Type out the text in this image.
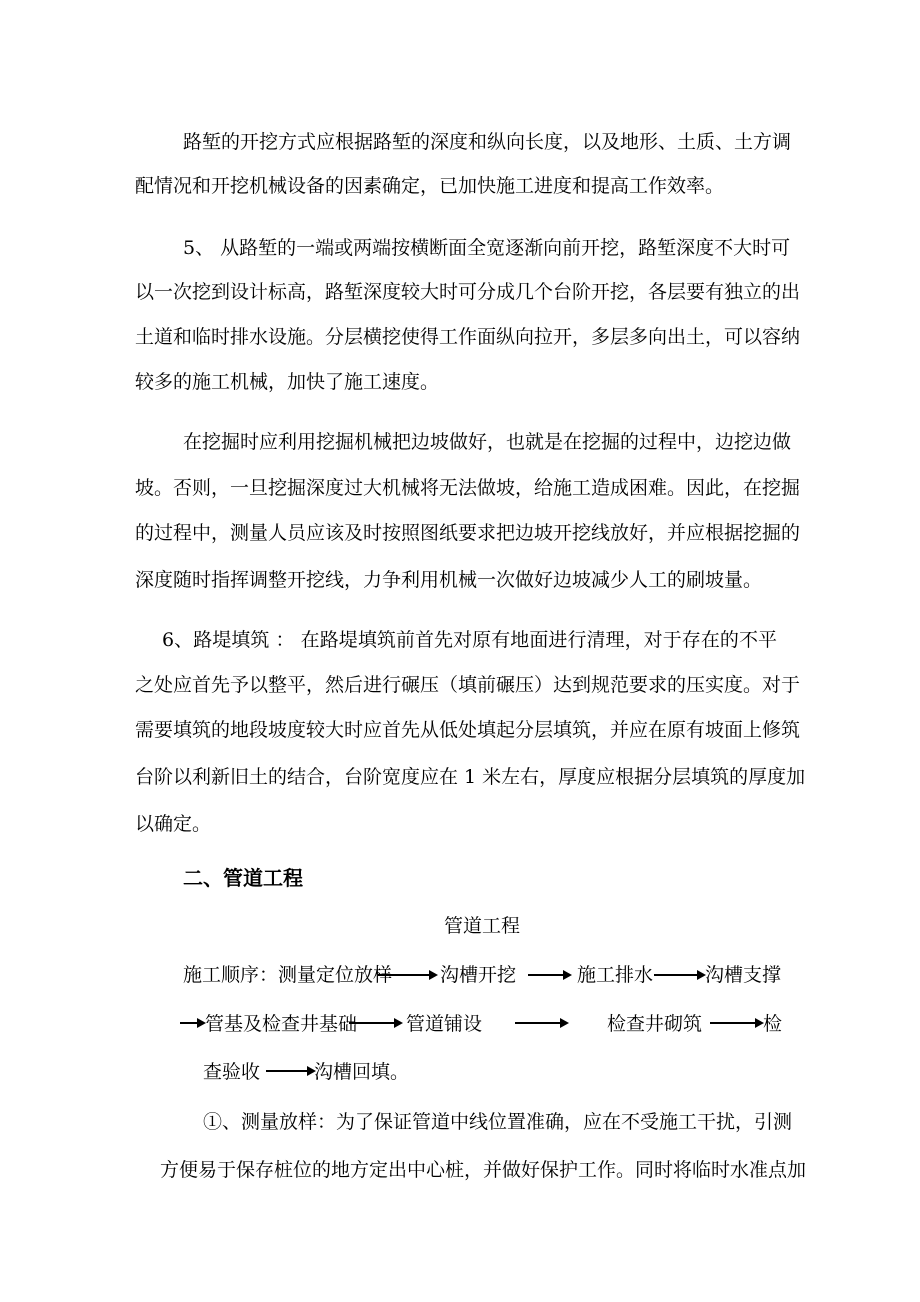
路堑的开挖方式应根据路堑的深度和纵向长度，以及地形、土质、土方调
配情况和开挖机械设备的因素确定，已加快施工进度和提高工作效率。
5、 从路堑的一端或两端按横断面全宽逐渐向前开挖，路堑深度不大时可
以一次挖到设计标高，路堑深度较大时可分成几个台阶开挖，各层要有独立的出
土道和临时排水设施。分层横挖使得工作面纵向拉开，多层多向出土，可以容纳
较多的施工机械，加快了施工速度。
在挖掘时应利用挖掘机械把边坡做好，也就是在挖掘的过程中，边挖边做
坡。否则，一旦挖掘深度过大机械将无法做坡，给施工造成困难。因此，在挖掘
的过程中，测量人员应该及时按照图纸要求把边坡开挖线放好，并应根据挖掘的
深度随时指挥调整开挖线，力争利用机械一次做好边坡减少人工的刷坡量。
6、路堤填筑 ： 在路堤填筑前首先对原有地面进行清理，对于存在的不平
之处应首先予以整平，然后进行碾压（填前碾压）达到规范要求的压实度。对于
需要填筑的地段坡度较大时应首先从低处填起分层填筑，并应在原有坡面上修筑
台阶以利新旧土的结合，台阶宽度应在 1 米左右，厚度应根据分层填筑的厚度加
以确定。
二、管道工程
管道工程
施工顺序： 测量定位放样	沟槽开挖	施工排水	沟槽支撑
管基及检查井基础	管道铺设	检查井砌筑	检
查验收	沟槽回填。
①、测量放样：为了保证管道中线位置准确，应在不受施工干扰，引测
方便易于保存桩位的地方定出中心桩，并做好保护工作。同时将临时水准点加
